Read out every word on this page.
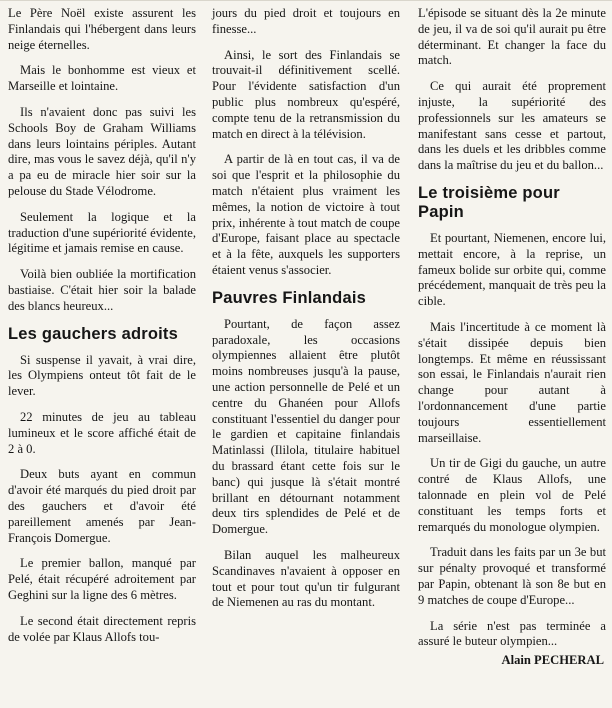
Le Père Noël existe assurent les Finlandais qui l'hébergent dans leurs neige éternelles.

Mais le bonhomme est vieux et Marseille et lointaine.

Ils n'avaient donc pas suivi les Schools Boy de Graham Williams dans leurs lointains périples. Autant dire, mas vous le savez déjà, qu'il n'y a pa eu de miracle hier soir sur la pelouse du Stade Vélodrome.

Seulement la logique et la traduction d'une supériorité évidente, légitime et jamais remise en cause.

Voilà bien oubliée la mortification bastiaise. C'était hier soir la balade des blancs heureux...

Les gauchers adroits

Si suspense il yavait, à vrai dire, les Olympiens onteut tôt fait de le lever.

22 minutes de jeu au tableau lumineux et le score affiché était de 2 à 0.

Deux buts ayant en commun d'avoir été marqués du pied droit par des gauchers et d'avoir été pareillement amenés par Jean-François Domergue.

Le premier ballon, manqué par Pelé, était récupéré adroitement par Geghini sur la ligne des 6 mètres.

Le second était directement repris de volée par Klaus Allofs tou-

jours du pied droit et toujours en finesse...

Ainsi, le sort des Finlandais se trouvait-il définitivement scellé. Pour l'évidente satisfaction d'un public plus nombreux qu'espéré, compte tenu de la retransmission du match en direct à la télévision.

A partir de là en tout cas, il va de soi que l'esprit et la philosophie du match n'étaient plus vraiment les mêmes, la notion de victoire à tout prix, inhérente à tout match de coupe d'Europe, faisant place au spectacle et à la fête, auxquels les supporters étaient venus s'associer.

Pauvres Finlandais

Pourtant, de façon assez paradoxale, les occasions olympiennes allaient être plutôt moins nombreuses jusqu'à la pause, une action personnelle de Pelé et un centre du Ghanéen pour Allofs constituant l'essentiel du danger pour le gardien et capitaine finlandais Matinlassi (Ililola, titulaire habituel du brassard étant cette fois sur le banc) qui jusque là s'était montré brillant en détournant notamment deux tirs splendides de Pelé et de Domergue.

Bilan auquel les malheureux Scandinaves n'avaient à opposer en tout et pour tout qu'un tir fulgurant de Niemenen au ras du montant.

L'épisode se situant dès la 2e minute de jeu, il va de soi qu'il aurait pu être déterminant. Et changer la face du match.

Ce qui aurait été proprement injuste, la supériorité des professionnels sur les amateurs se manifestant sans cesse et partout, dans les duels et les dribbles comme dans la maîtrise du jeu et du ballon...

Le troisième pour Papin

Et pourtant, Niemenen, encore lui, mettait encore, à la reprise, un fameux bolide sur orbite qui, comme précédement, manquait de très peu la cible.

Mais l'incertitude à ce moment là s'était dissipée depuis bien longtemps. Et même en réussissant son essai, le Finlandais n'aurait rien change pour autant à l'ordonnancement d'une partie toujours essentiellement marseillaise.

Un tir de Gigi du gauche, un autre contré de Klaus Allofs, une talonnade en plein vol de Pelé constituant les temps forts et remarqués du monologue olympien.

Traduit dans les faits par un 3e but sur pénalty provoqué et transformé par Papin, obtenant là son 8e but en 9 matches de coupe d'Europe...

La série n'est pas terminée a assuré le buteur olympien...

Alain PECHERAL
